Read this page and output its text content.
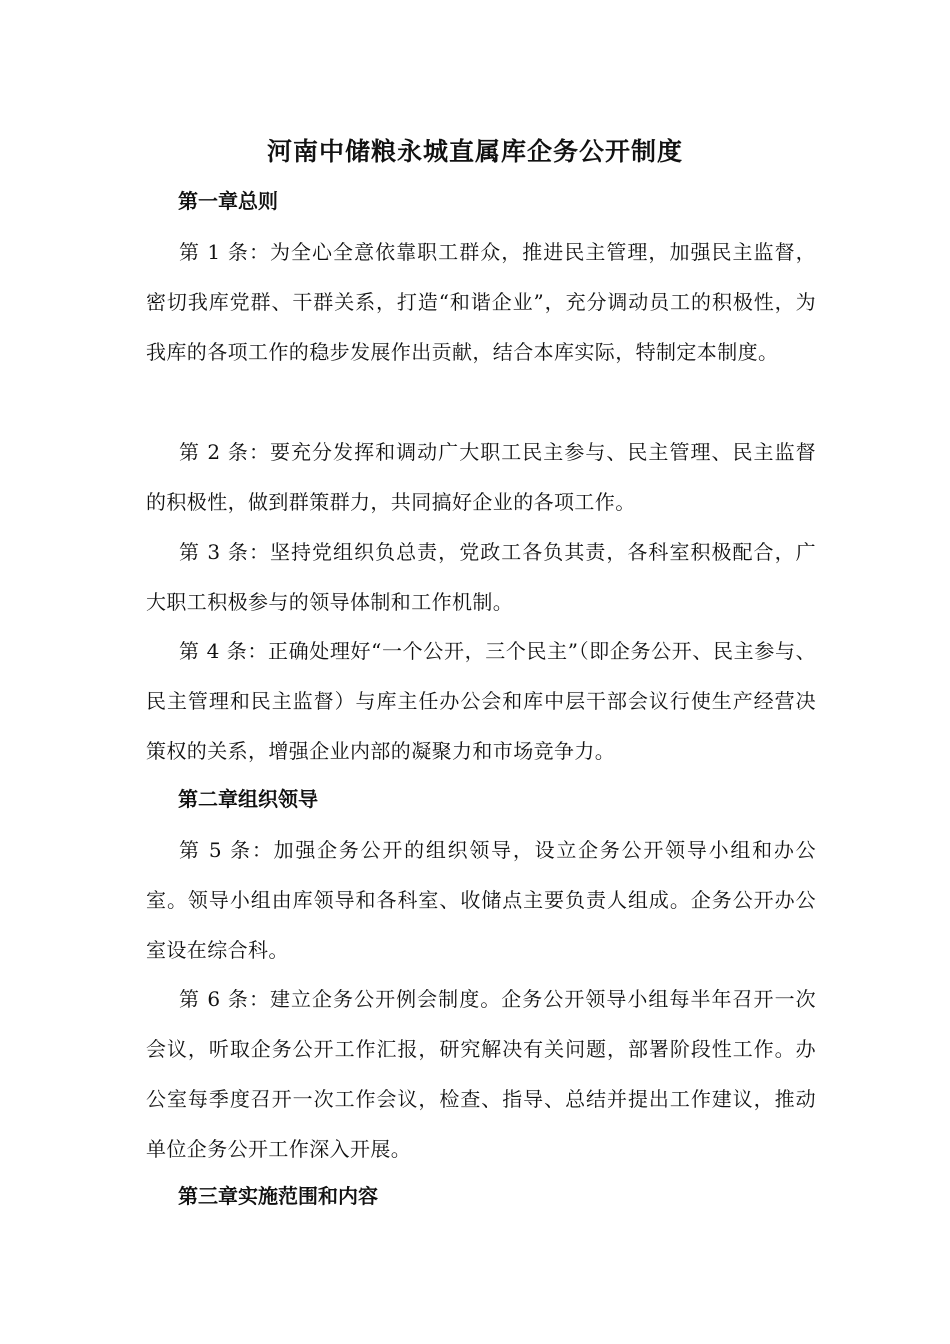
河南中储粮永城直属库企务公开制度
第一章总则
第 1 条：为全心全意依靠职工群众，推进民主管理，加强民主监督，密切我库党群、干群关系，打造“和谐企业”，充分调动员工的积极性，为我库的各项工作的稳步发展作出贡献，结合本库实际，特制定本制度。
第 2 条：要充分发挥和调动广大职工民主参与、民主管理、民主监督的积极性，做到群策群力，共同搞好企业的各项工作。
第 3 条：坚持党组织负总责，党政工各负其责，各科室积极配合，广大职工积极参与的领导体制和工作机制。
第 4 条：正确处理好“一个公开，三个民主”（即企务公开、民主参与、民主管理和民主监督）与库主任办公会和库中层干部会议行使生产经营决策权的关系，增强企业内部的凝聚力和市场竞争力。
第二章组织领导
第 5 条：加强企务公开的组织领导，设立企务公开领导小组和办公室。领导小组由库领导和各科室、收储点主要负责人组成。企务公开办公室设在综合科。
第 6 条：建立企务公开例会制度。企务公开领导小组每半年召开一次会议，听取企务公开工作汇报，研究解决有关问题，部署阶段性工作。办公室每季度召开一次工作会议，检查、指导、总结并提出工作建议，推动单位企务公开工作深入开展。
第三章实施范围和内容
